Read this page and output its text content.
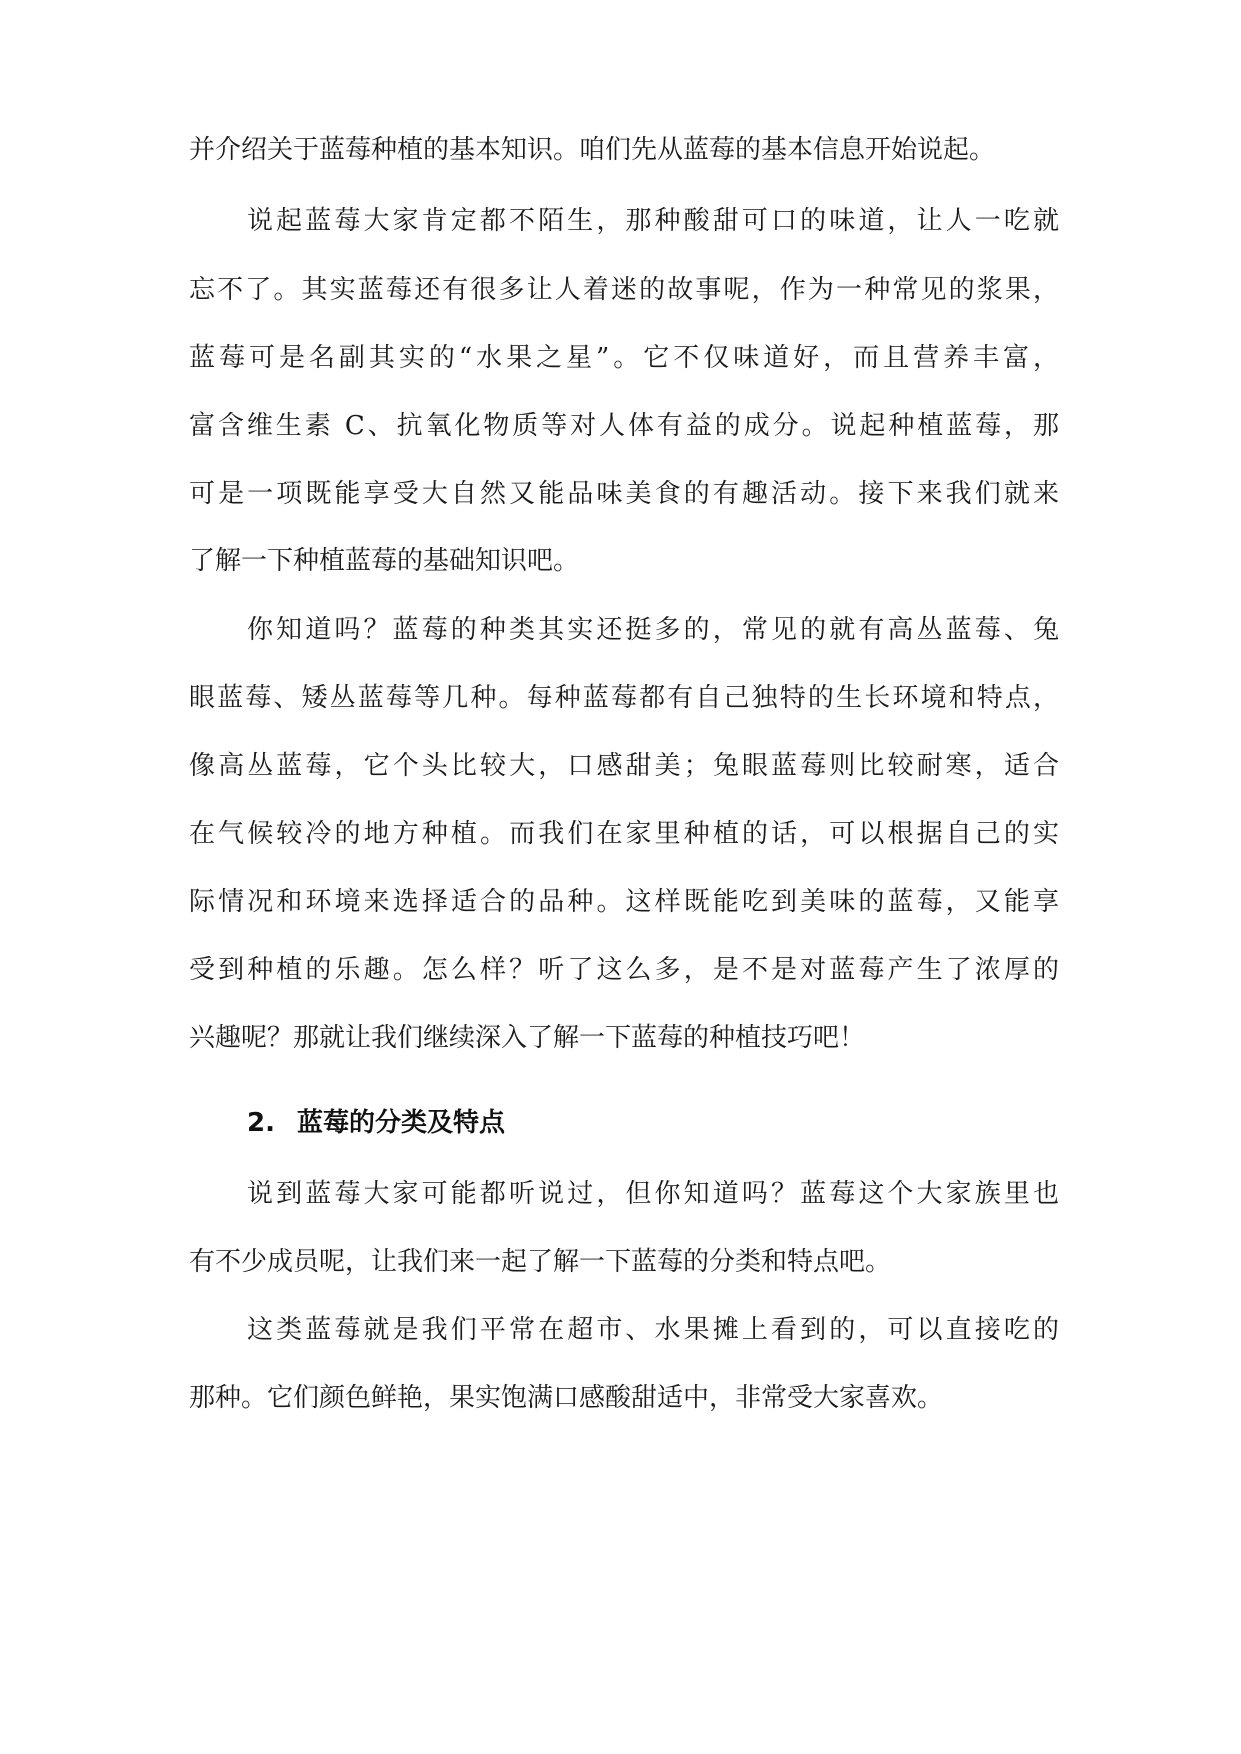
并介绍关于蓝莓种植的基本知识。咱们先从蓝莓的基本信息开始说起。

说起蓝莓大家肯定都不陌生，那种酸甜可口的味道，让人一吃就

忘不了。其实蓝莓还有很多让人着迷的故事呢，作为一种常见的浆果，

蓝莓可是名副其实的“水果之星”。它不仅味道好，而且营养丰富，

富含维生素 C、抗氧化物质等对人体有益的成分。说起种植蓝莓，那

可是一项既能享受大自然又能品味美食的有趣活动。接下来我们就来

了解一下种植蓝莓的基础知识吧。

你知道吗？蓝莓的种类其实还挺多的，常见的就有高丛蓝莓、兔

眼蓝莓、矮丛蓝莓等几种。每种蓝莓都有自己独特的生长环境和特点，

像高丛蓝莓，它个头比较大，口感甜美；兔眼蓝莓则比较耐寒，适合

在气候较冷的地方种植。而我们在家里种植的话，可以根据自己的实

际情况和环境来选择适合的品种。这样既能吃到美味的蓝莓，又能享

受到种植的乐趣。怎么样？听了这么多，是不是对蓝莓产生了浓厚的

兴趣呢？那就让我们继续深入了解一下蓝莓的种植技巧吧！

2. 蓝莓的分类及特点

说到蓝莓大家可能都听说过，但你知道吗？蓝莓这个大家族里也

有不少成员呢，让我们来一起了解一下蓝莓的分类和特点吧。

这类蓝莓就是我们平常在超市、水果摊上看到的，可以直接吃的

那种。它们颜色鲜艳，果实饱满口感酸甜适中，非常受大家喜欢。
